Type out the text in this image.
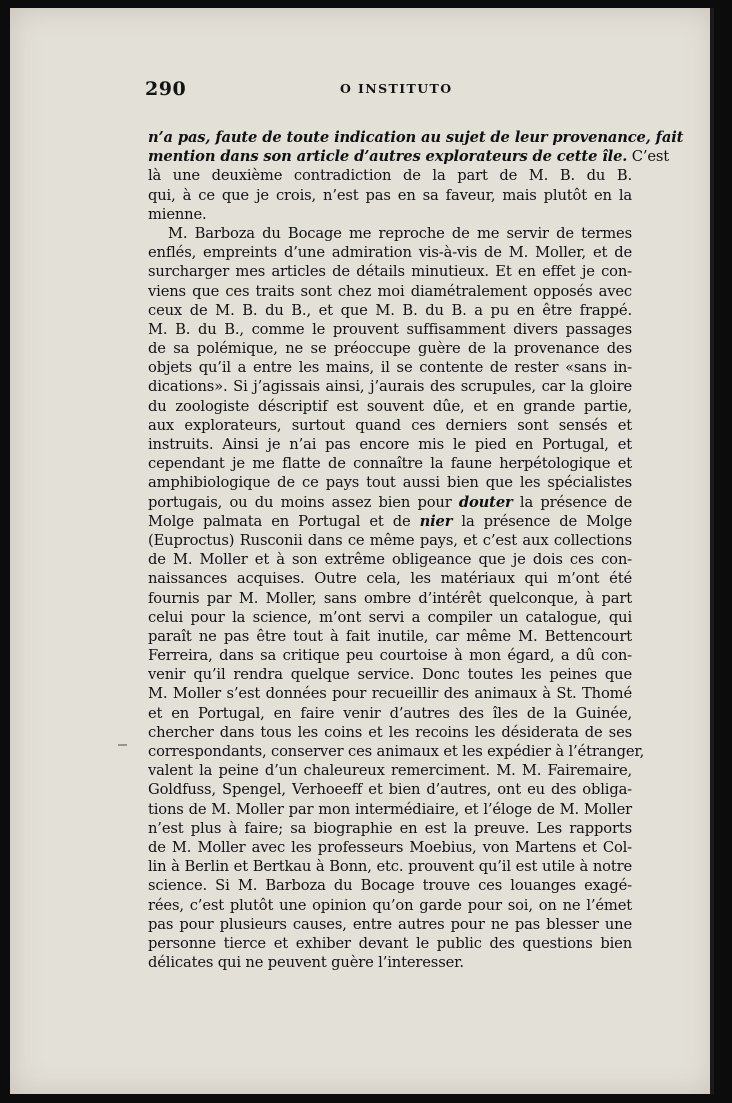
290	O INSTITUTO
n’a pas, faute de toute indication au sujet de leur provenance, fait
mention dans son article d’autres explorateurs de cette île. C’est
là une deuxième contradiction de la part de M. B. du B.
qui, à ce que je crois, n’est pas en sa faveur, mais plutôt en la
mienne.
M. Barboza du Bocage me reproche de me servir de termes
enflés, empreints d’une admiration vis-à-vis de M. Moller, et de
surcharger mes articles de détails minutieux. Et en effet je con-
viens que ces traits sont chez moi diamétralement opposés avec
ceux de M. B. du B., et que M. B. du B. a pu en être frappé.
M. B. du B., comme le prouvent suffisamment divers passages
de sa polémique, ne se préoccupe guère de la provenance des
objets qu’il a entre les mains, il se contente de rester «sans in-
dications». Si j’agissais ainsi, j’aurais des scrupules, car la gloire
du zoologiste déscriptif est souvent dûe, et en grande partie,
aux explorateurs, surtout quand ces derniers sont sensés et
instruits. Ainsi je n’ai pas encore mis le pied en Portugal, et
cependant je me flatte de connaître la faune herpétologique et
amphibiologique de ce pays tout aussi bien que les spécialistes
portugais, ou du moins assez bien pour douter la présence de
Molge palmata en Portugal et de nier la présence de Molge
(Euproctus) Rusconii dans ce même pays, et c’est aux collections
de M. Moller et à son extrême obligeance que je dois ces con-
naissances acquises. Outre cela, les matériaux qui m’ont été
fournis par M. Moller, sans ombre d’intérêt quelconque, à part
celui pour la science, m’ont servi a compiler un catalogue, qui
paraît ne pas être tout à fait inutile, car même M. Bettencourt
Ferreira, dans sa critique peu courtoise à mon égard, a dû con-
venir qu’il rendra quelque service. Donc toutes les peines que
M. Moller s’est données pour recueillir des animaux à St. Thomé
et en Portugal, en faire venir d’autres des îles de la Guinée,
chercher dans tous les coins et les recoins les désiderata de ses
correspondants, conserver ces animaux et les expédier à l’étranger,
valent la peine d’un chaleureux remerciment. M. M. Fairemaire,
Goldfuss, Spengel, Verhoeeff et bien d’autres, ont eu des obliga-
tions de M. Moller par mon intermédiaire, et l’éloge de M. Moller
n’est plus à faire; sa biographie en est la preuve. Les rapports
de M. Moller avec les professeurs Moebius, von Martens et Col-
lin à Berlin et Bertkau à Bonn, etc. prouvent qu’il est utile à notre
science. Si M. Barboza du Bocage trouve ces louanges exagé-
rées, c’est plutôt une opinion qu’on garde pour soi, on ne l’émet
pas pour plusieurs causes, entre autres pour ne pas blesser une
personne tierce et exhiber devant le public des questions bien
délicates qui ne peuvent guère l’interesser.
